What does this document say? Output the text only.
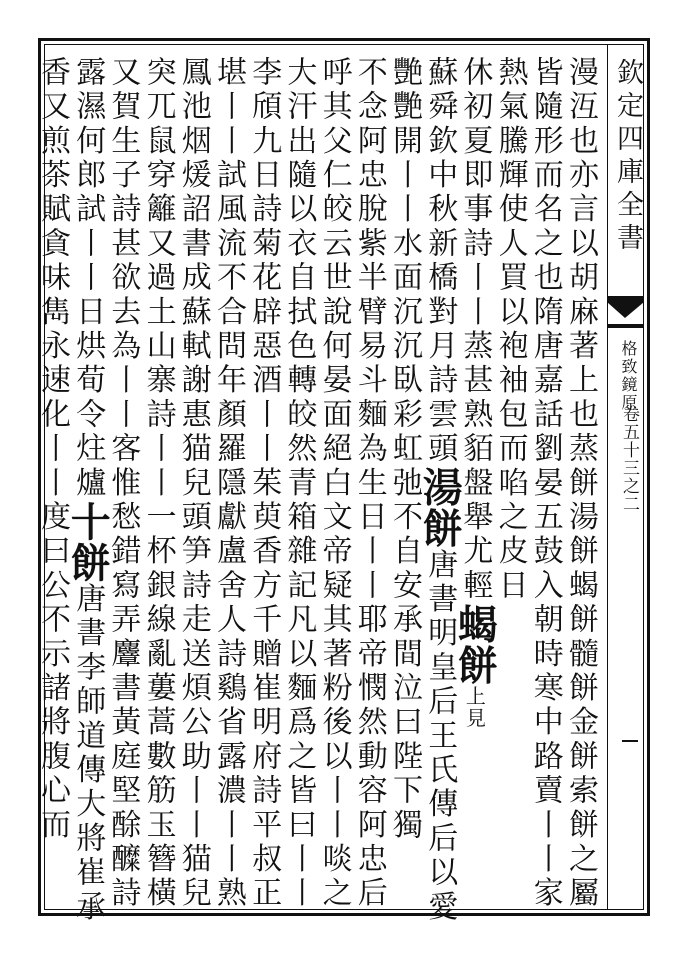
欽定四庫全書
格致鏡原
卷五十三之二
漫沍也亦言以胡麻著上也蒸餅湯餅蝎餅髓餅金餅索餅之屬
皆隨形而名之也隋唐嘉話劉晏五鼓入朝時寒中路賣丨丨家
熱氣騰輝使人買以袍袖包而啗之皮日
休初夏即事詩丨丨蒸甚熟貊盤舉尤輕蝎餅上見
蘇舜欽中秋新橋對月詩雲頭湯餅唐書明皇后王氏傳后以愛
艷艷開丨丨水面沉沉臥彩虹弛不自安承間泣曰陛下獨
不念阿忠脫紫半臂易斗麵為生日丨丨耶帝憫然動容阿忠后
呼其父仁皎云世說何晏面絕白文帝疑其著粉後以丨丨啖之
大汗出隨以衣自拭色轉皎然青箱雜記凡以麵爲之皆曰丨丨
李頎九日詩菊花辟惡酒丨丨茱萸香方千贈崔明府詩平叔正
堪丨丨試風流不合問年顏羅隱獻盧舍人詩鷄省露濃丨丨熟
鳳池烟煖詔書成蘇軾謝惠猫兒頭笋詩走送煩公助丨丨猫兒
突兀鼠穿籬又過土山寨詩丨丨一杯銀線亂蔞蒿數筋玉簪橫
又賀生子詩甚欲去為丨丨客惟愁錯寫弄麞書黃庭堅酴醾詩
露濕何郎試丨丨日烘荀令炷爐十餅唐書李師道傳大將崔承
香又煎茶賦貪味雋永速化丨丨度曰公不示諸將腹心而
